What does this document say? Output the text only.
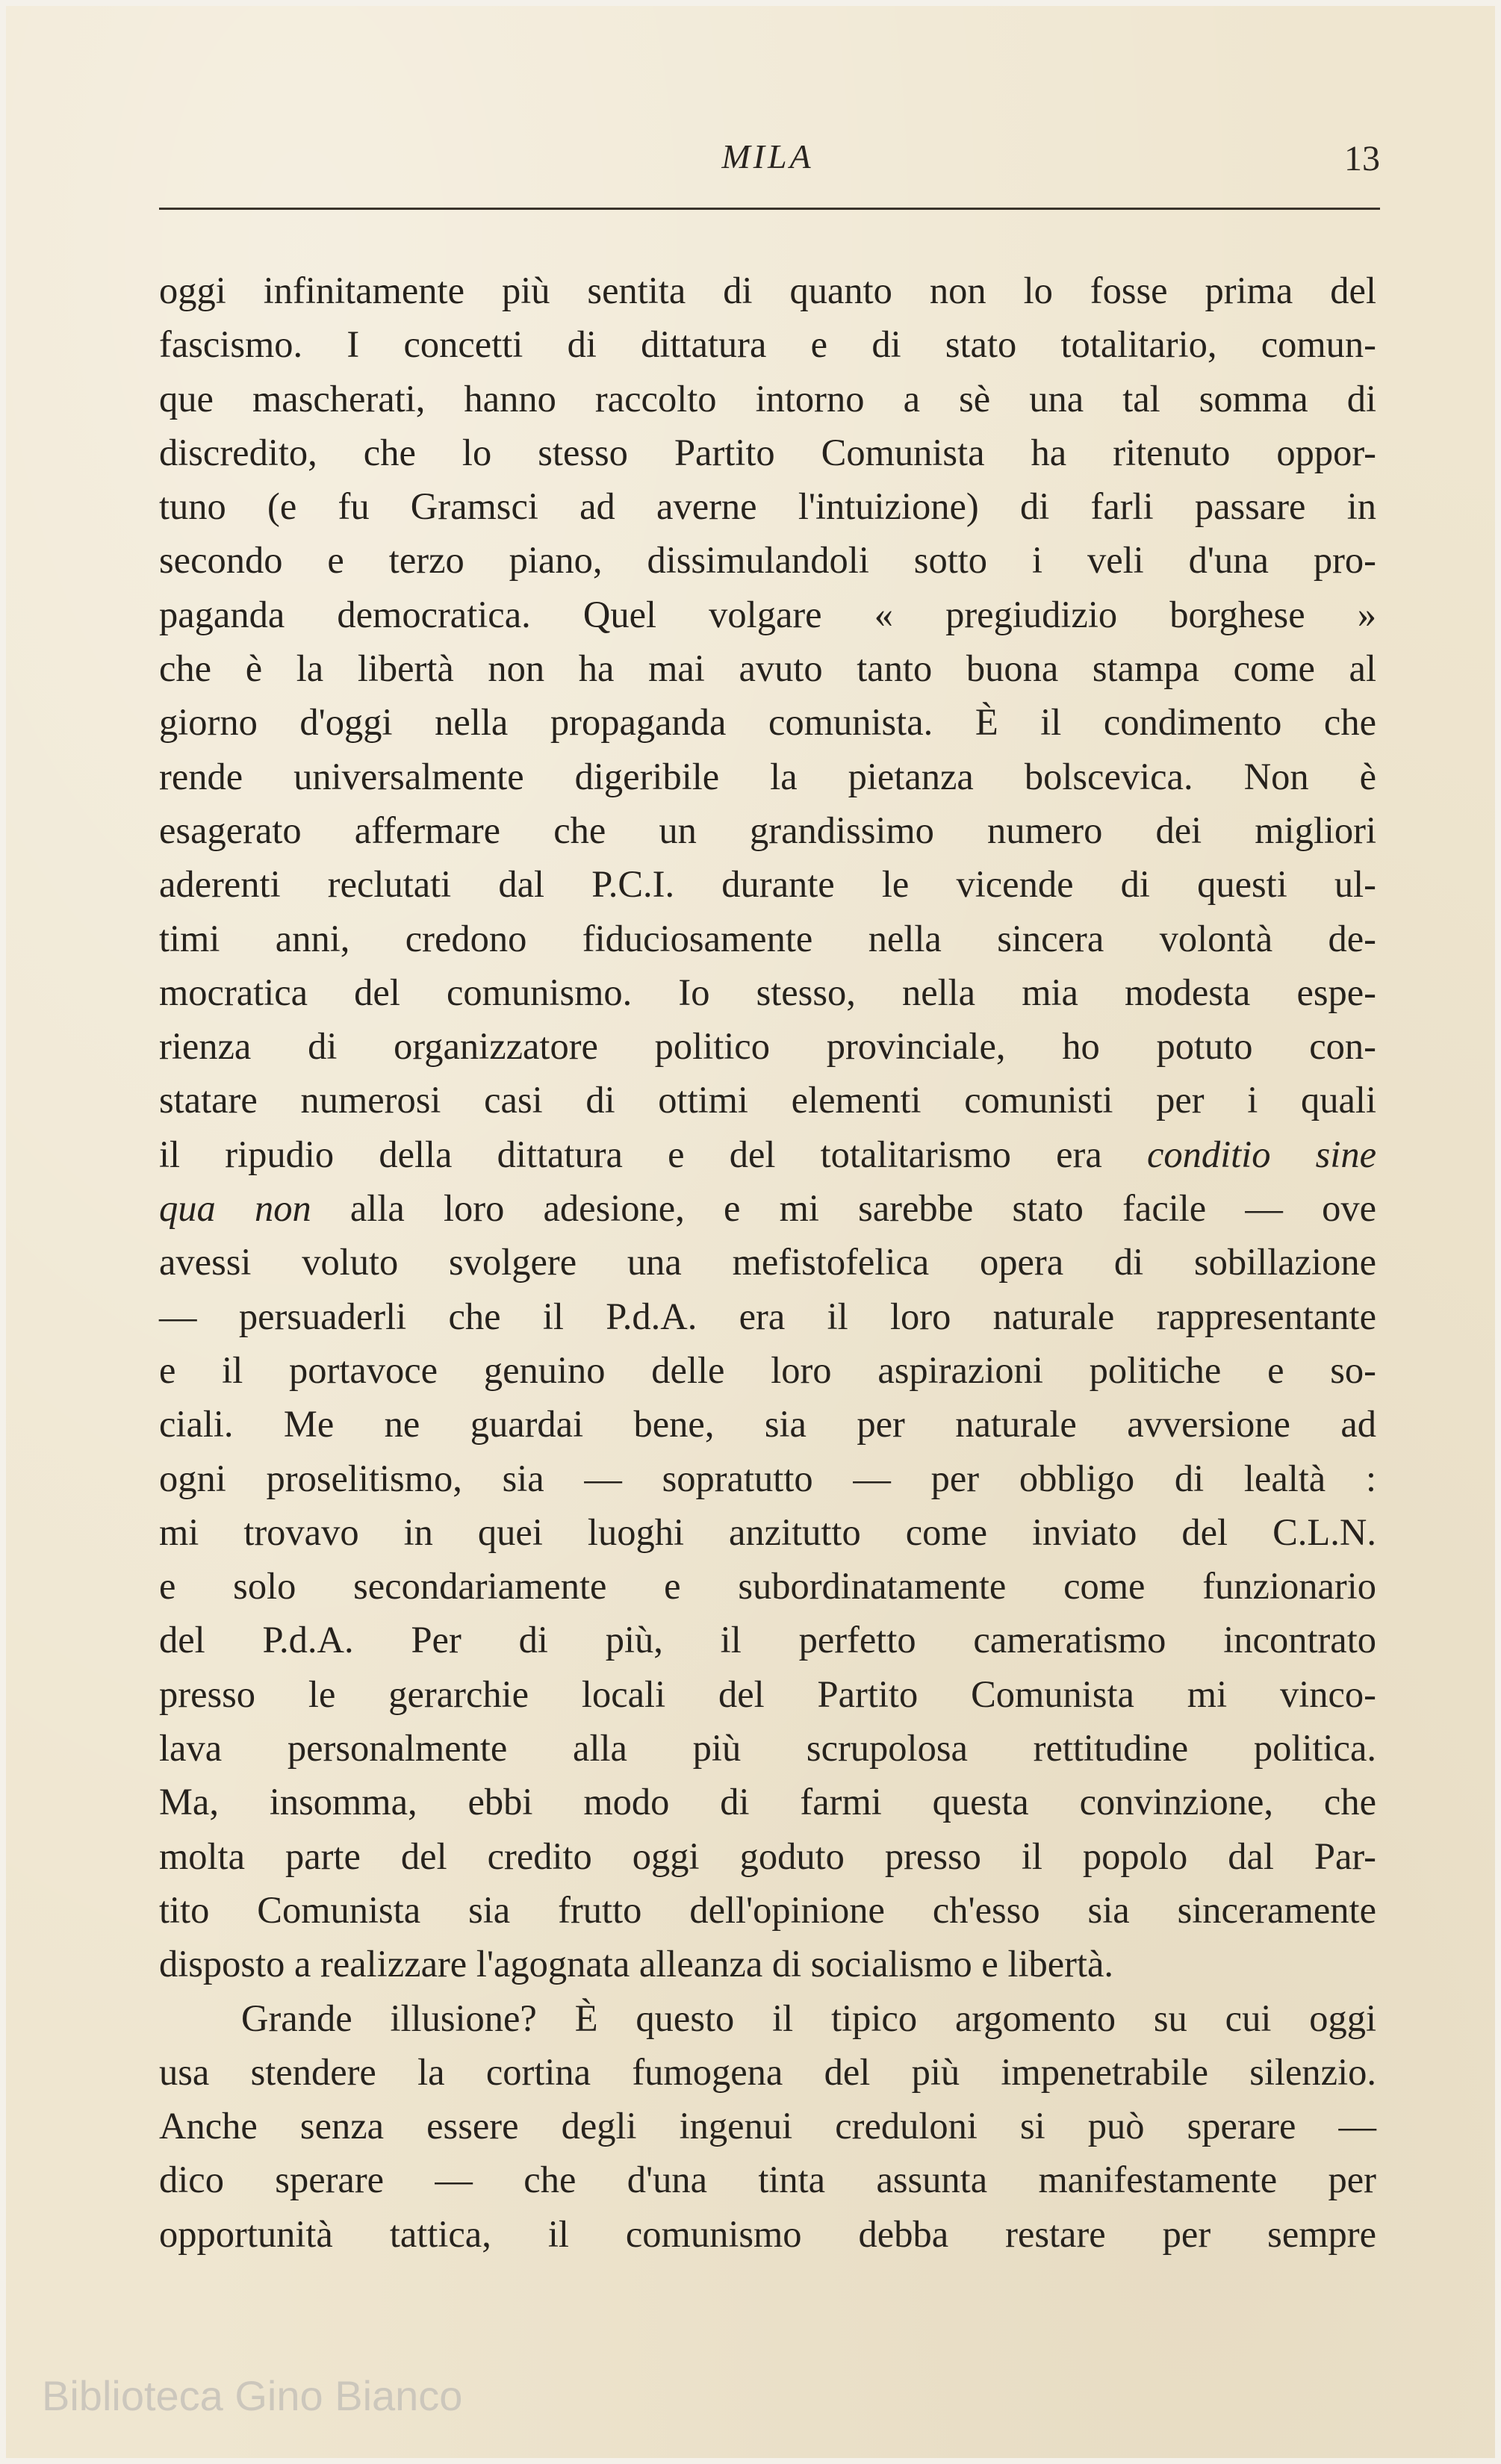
MILA	13
oggi infinitamente più sentita di quanto non lo fosse prima del
fascismo. I concetti di dittatura e di stato totalitario, comun-
que mascherati, hanno raccolto intorno a sè una tal somma di
discredito, che lo stesso Partito Comunista ha ritenuto oppor-
tuno (e fu Gramsci ad averne l'intuizione) di farli passare in
secondo e terzo piano, dissimulandoli sotto i veli d'una pro-
paganda democratica. Quel volgare « pregiudizio borghese »
che è la libertà non ha mai avuto tanto buona stampa come al
giorno d'oggi nella propaganda comunista. È il condimento che
rende universalmente digeribile la pietanza bolscevica. Non è
esagerato affermare che un grandissimo numero dei migliori
aderenti reclutati dal P.C.I. durante le vicende di questi ul-
timi anni, credono fiduciosamente nella sincera volontà de-
mocratica del comunismo. Io stesso, nella mia modesta espe-
rienza di organizzatore politico provinciale, ho potuto con-
statare numerosi casi di ottimi elementi comunisti per i quali
il ripudio della dittatura e del totalitarismo era conditio sine
qua non alla loro adesione, e mi sarebbe stato facile — ove
avessi voluto svolgere una mefistofelica opera di sobillazione
— persuaderli che il P.d.A. era il loro naturale rappresentante
e il portavoce genuino delle loro aspirazioni politiche e so-
ciali. Me ne guardai bene, sia per naturale avversione ad
ogni proselitismo, sia — sopratutto — per obbligo di lealtà :
mi trovavo in quei luoghi anzitutto come inviato del C.L.N.
e solo secondariamente e subordinatamente come funzionario
del P.d.A. Per di più, il perfetto cameratismo incontrato
presso le gerarchie locali del Partito Comunista mi vinco-
lava personalmente alla più scrupolosa rettitudine politica.
Ma, insomma, ebbi modo di farmi questa convinzione, che
molta parte del credito oggi goduto presso il popolo dal Par-
tito Comunista sia frutto dell'opinione ch'esso sia sinceramente
disposto a realizzare l'agognata alleanza di socialismo e libertà.
Grande illusione? È questo il tipico argomento su cui oggi
usa stendere la cortina fumogena del più impenetrabile silenzio.
Anche senza essere degli ingenui creduloni si può sperare —
dico sperare — che d'una tinta assunta manifestamente per
opportunità tattica, il comunismo debba restare per sempre
Biblioteca Gino Bianco
